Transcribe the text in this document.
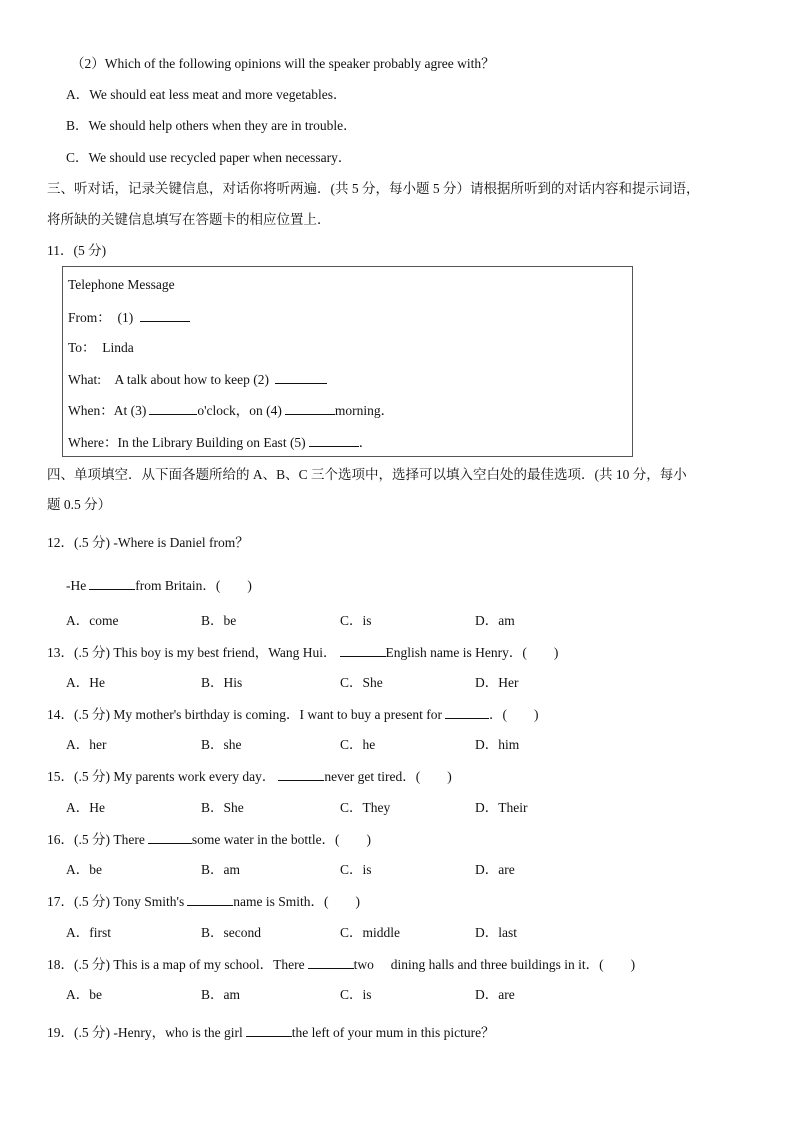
（2）Which of the following opinions will the speaker probably agree with？
A．We should eat less meat and more vegetables．
B．We should help others when they are in trouble．
C．We should use recycled paper when necessary．
三、听对话，记录关键信息，对话你将听两遍．(共 5 分，每小题 5 分）请根据所听到的对话内容和提示词语，
将所缺的关键信息填写在答题卡的相应位置上．
11．(5 分)
Telephone Message
From：　(1)
To：　Linda
What:　A talk about how to keep (2)
When：At (3)	o'clock，on (4)	morning．
Where：In the Library Building on East (5)	．
四、单项填空．从下面各题所给的 A、B、C 三个选项中，选择可以填入空白处的最佳选项．(共 10 分，每小
题 0.5 分）
12．(.5 分) -Where is Daniel from？
-He	from Britain．(　　)
A．come	B．be	C．is	D．am
13．(.5 分) This boy is my best friend，Wang Hui．	English name is Henry．(　　)
A．He	B．His	C．She	D．Her
14．(.5 分) My mother's birthday is coming．I want to buy a present for	．(　　)
A．her	B．she	C．he	D．him
15．(.5 分) My parents work every day．	never get tired．(　　)
A．He	B．She	C．They	D．Their
16．(.5 分) There	some water in the bottle．(　　)
A．be	B．am	C．is	D．are
17．(.5 分) Tony Smith's	name is Smith．(　　)
A．first	B．second	C．middle	D．last
18．(.5 分) This is a map of my school．There	two　 dining halls and three buildings in it．(　　)
A．be	B．am	C．is	D．are
19．(.5 分) -Henry，who is the girl	the left of your mum in this picture？
